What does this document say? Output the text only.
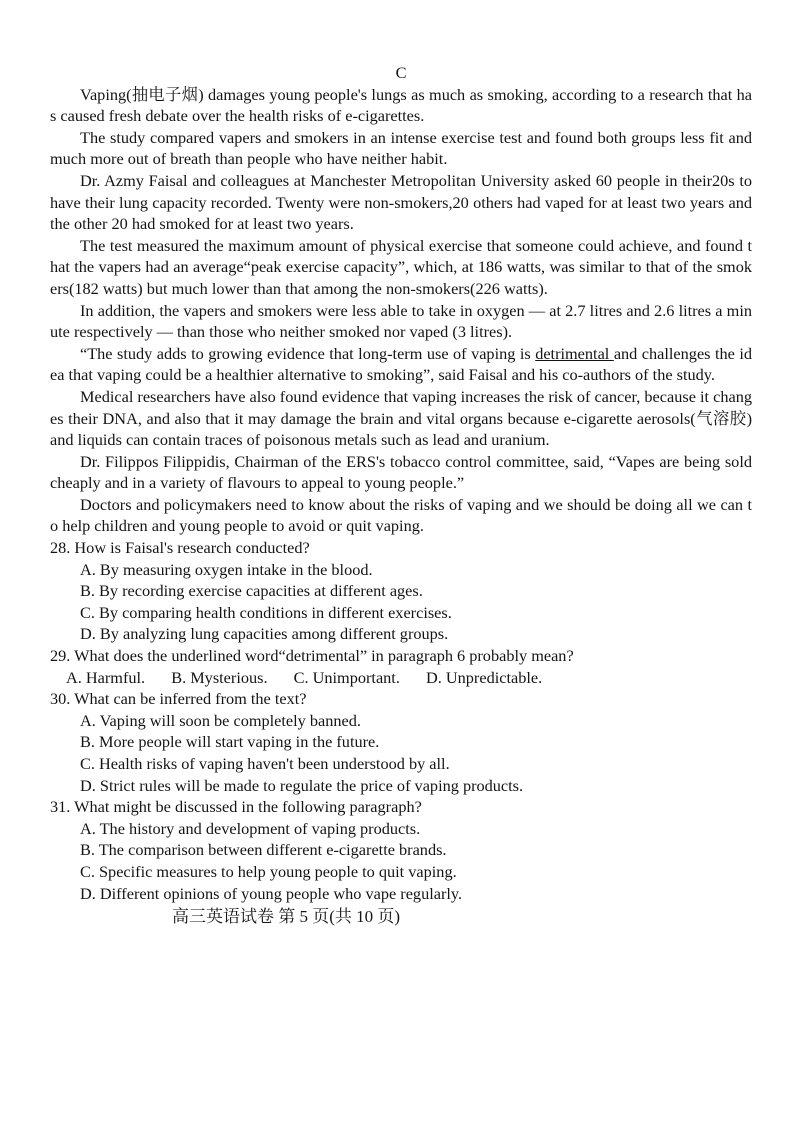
C

Vaping(抽电子烟) damages young people's lungs as much as smoking, according to a research that has caused fresh debate over the health risks of e-cigarettes.

The study compared vapers and smokers in an intense exercise test and found both groups less fit and much more out of breath than people who have neither habit.

Dr. Azmy Faisal and colleagues at Manchester Metropolitan University asked 60 people in their20s to have their lung capacity recorded. Twenty were non-smokers,20 others had vaped for at least two years and the other 20 had smoked for at least two years.

The test measured the maximum amount of physical exercise that someone could achieve, and found that the vapers had an average“peak exercise capacity”, which, at 186 watts, was similar to that of the smokers(182 watts) but much lower than that among the non-smokers(226 watts).

In addition, the vapers and smokers were less able to take in oxygen — at 2.7 litres and 2.6 litres a minute respectively — than those who neither smoked nor vaped (3 litres).

“The study adds to growing evidence that long-term use of vaping is detrimental and challenges the idea that vaping could be a healthier alternative to smoking”, said Faisal and his co-authors of the study.

Medical researchers have also found evidence that vaping increases the risk of cancer, because it changes their DNA, and also that it may damage the brain and vital organs because e-cigarette aerosols(气溶胶) and liquids can contain traces of poisonous metals such as lead and uranium.

Dr. Filippos Filippidis, Chairman of the ERS's tobacco control committee, said, “Vapes are being sold cheaply and in a variety of flavours to appeal to young people.”

Doctors and policymakers need to know about the risks of vaping and we should be doing all we can to help children and young people to avoid or quit vaping.

28. How is Faisal's research conducted?

A. By measuring oxygen intake in the blood.

B. By recording exercise capacities at different ages.

C. By comparing health conditions in different exercises.

D. By analyzing lung capacities among different groups.

29. What does the underlined word“detrimental” in paragraph 6 probably mean?

A. Harmful. B. Mysterious. C. Unimportant. D. Unpredictable.

30. What can be inferred from the text?

A. Vaping will soon be completely banned.

B. More people will start vaping in the future.

C. Health risks of vaping haven't been understood by all.

D. Strict rules will be made to regulate the price of vaping products.

31. What might be discussed in the following paragraph?

A. The history and development of vaping products.

B. The comparison between different e-cigarette brands.

C. Specific measures to help young people to quit vaping.

D. Different opinions of young people who vape regularly.

高三英语试卷 第 5 页(共 10 页)
